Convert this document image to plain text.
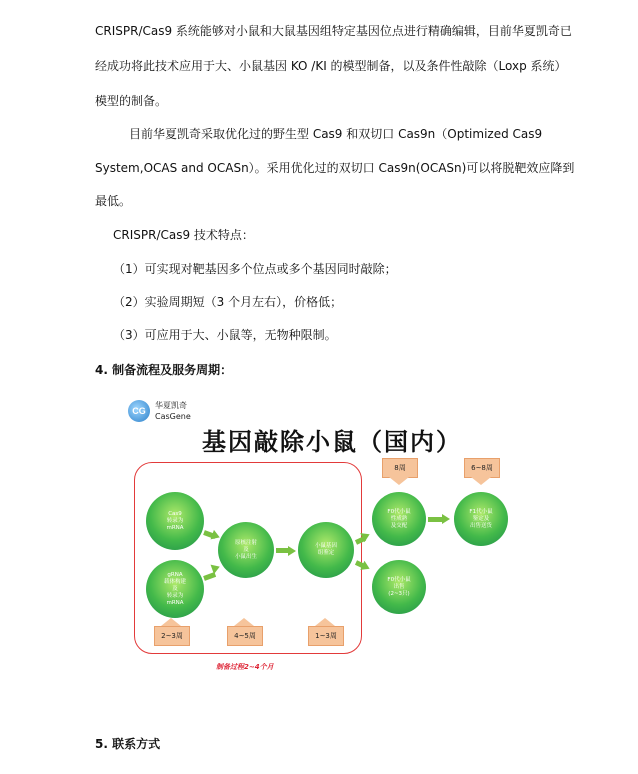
CRISPR/Cas9 系统能够对小鼠和大鼠基因组特定基因位点进行精确编辑，目前华夏凯奇已

经成功将此技术应用于大、小鼠基因 KO /KI 的模型制备，以及条件性敲除（Loxp 系统）

模型的制备。

目前华夏凯奇采取优化过的野生型 Cas9 和双切口 Cas9n（Optimized Cas9

System,OCAS and OCASn）。采用优化过的双切口 Cas9n(OCASn)可以将脱靶效应降到

最低。

CRISPR/Cas9 技术特点：

（1）可实现对靶基因多个位点或多个基因同时敲除；

（2）实验周期短（3 个月左右），价格低；

（3）可应用于大、小鼠等，无物种限制。

4. 制备流程及服务周期：

CG
华夏凯奇
CasGene
基因敲除小鼠（国内）
Cas9
转录为
mRNA
gRNA
载体构建
及
转录为
mRNA
原核注射
及
小鼠出生
小鼠基因
组鉴定
F0代小鼠
性成熟
及交配
F0代小鼠
出售
(2~3只)
F1代小鼠
鉴定及
出售送货
2~3周	4~5周	1~3周
8周	6~8周
制备过程2~4个月

5. 联系方式
